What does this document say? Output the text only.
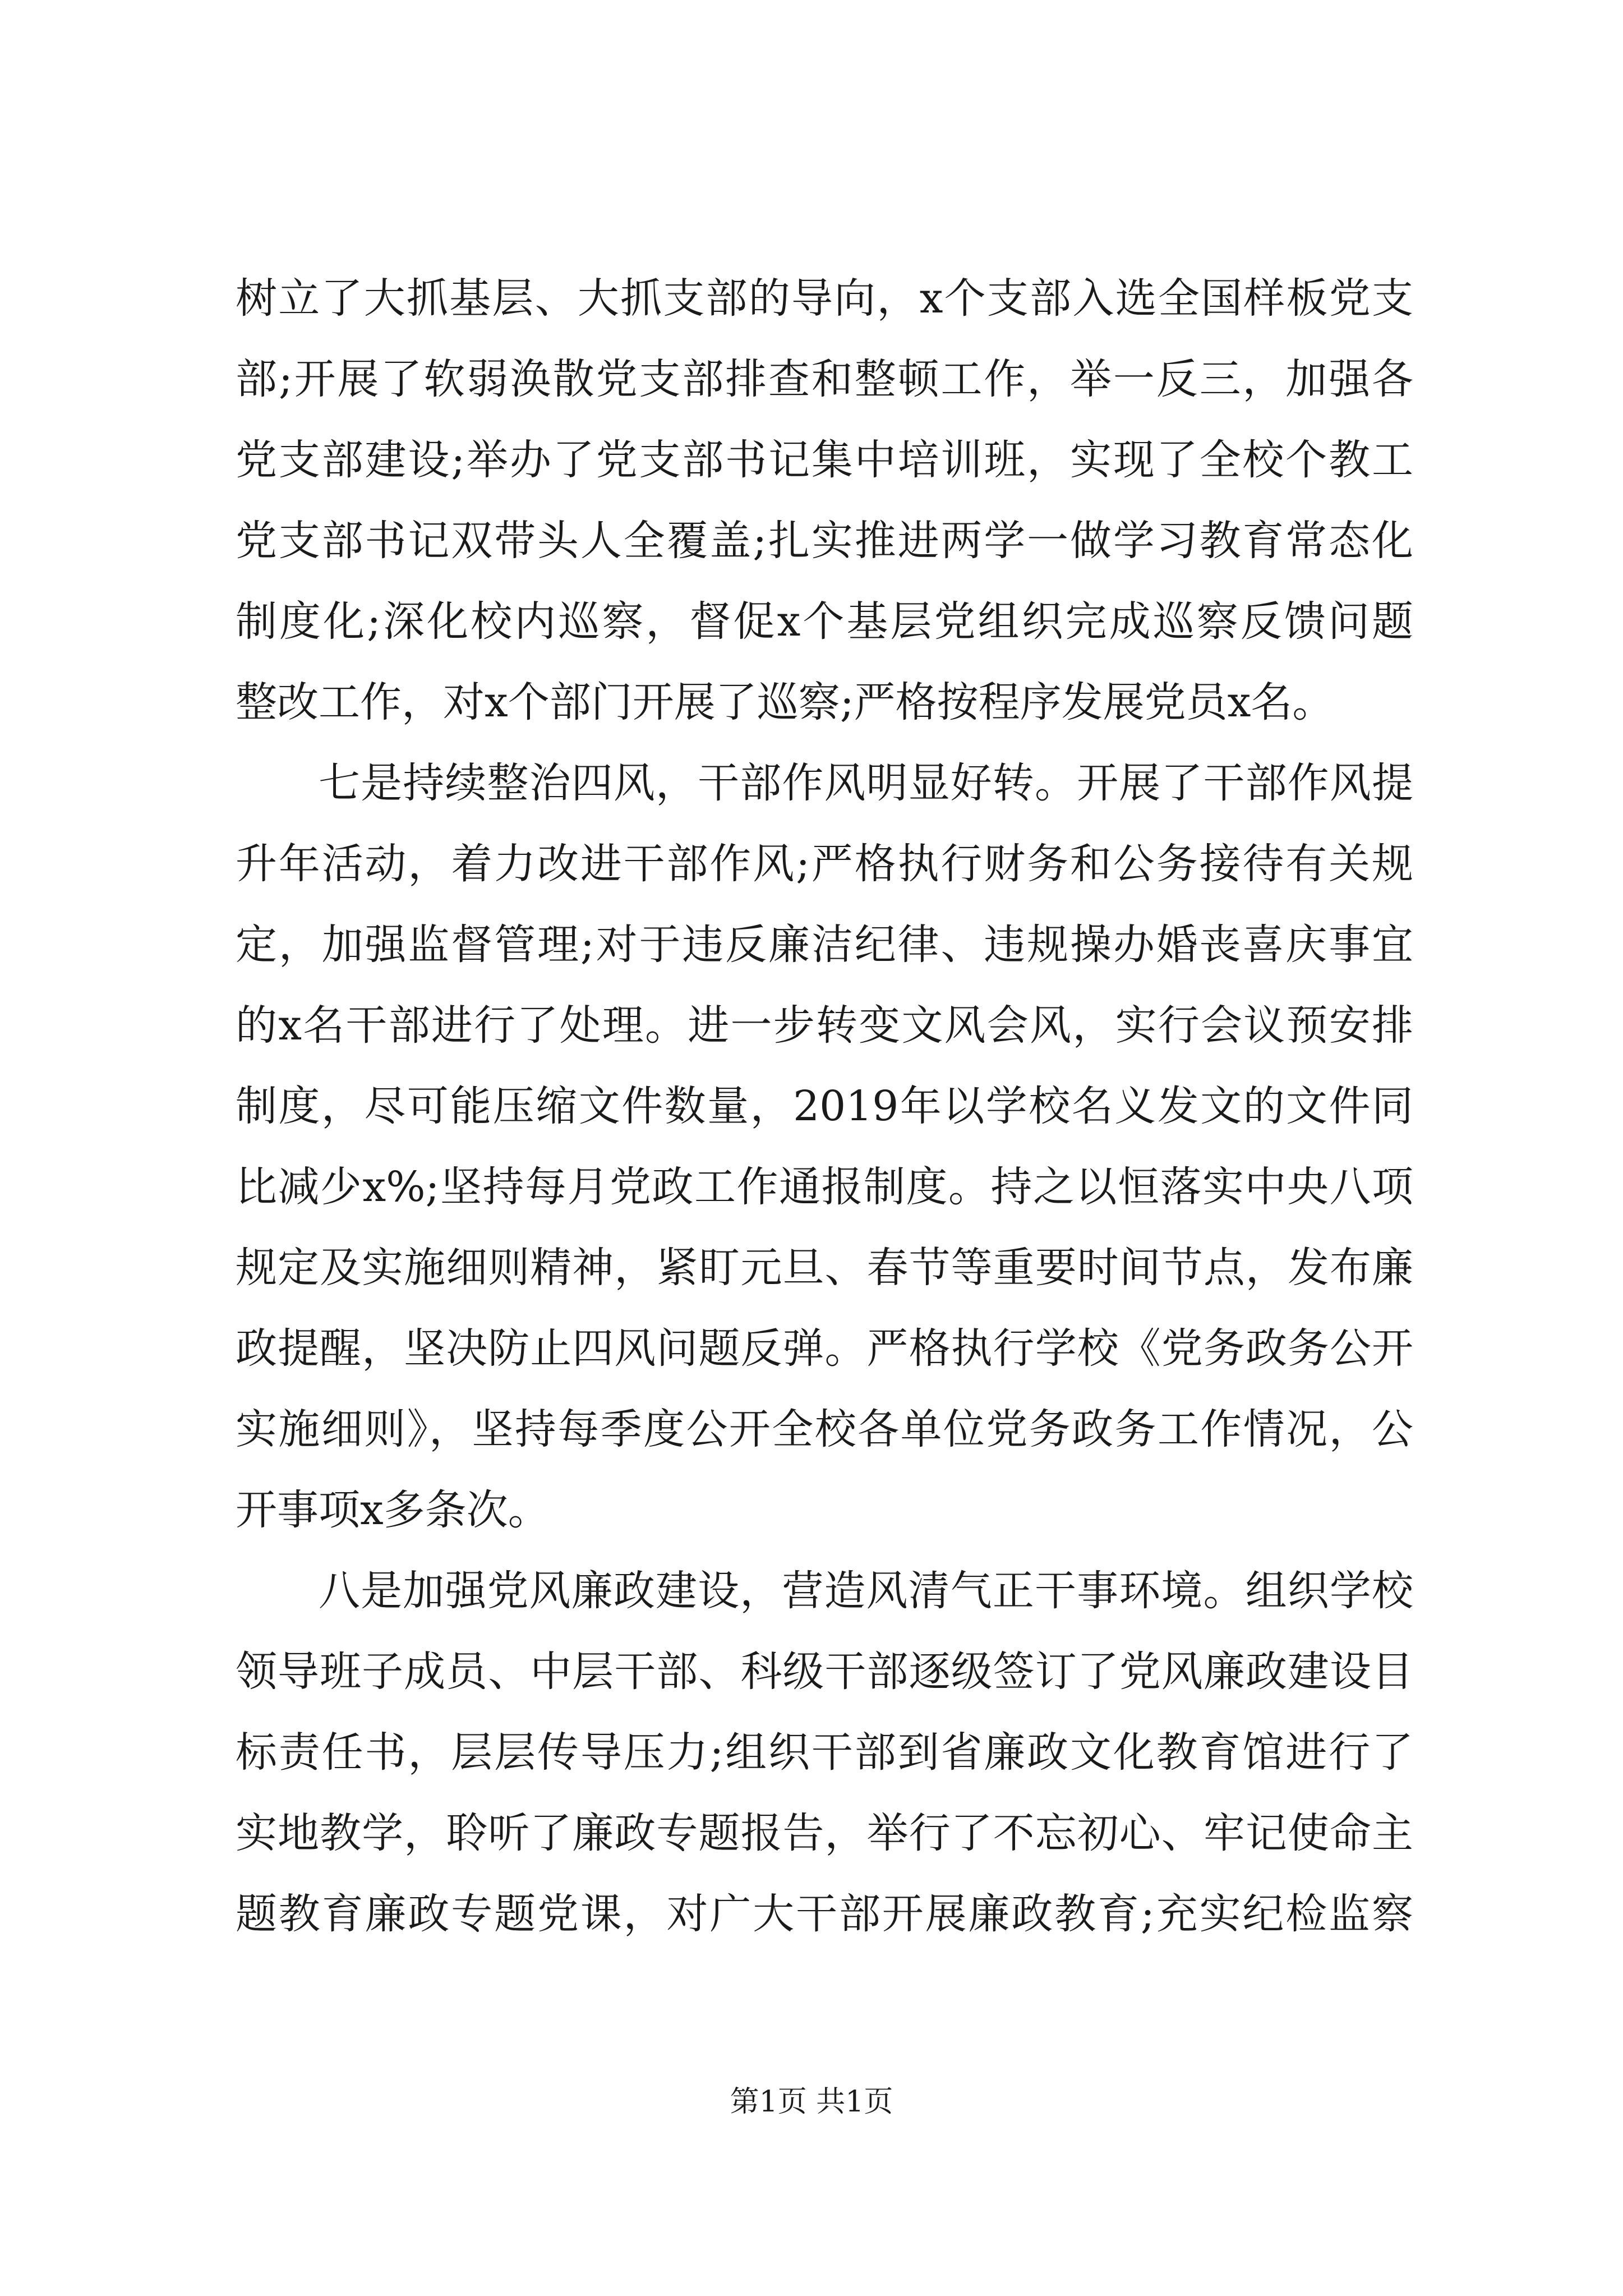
树立了大抓基层、大抓支部的导向，x个支部入选全国样板党支
部;开展了软弱涣散党支部排查和整顿工作，举一反三，加强各
党支部建设;举办了党支部书记集中培训班，实现了全校个教工
党支部书记双带头人全覆盖;扎实推进两学一做学习教育常态化
制度化;深化校内巡察，督促x个基层党组织完成巡察反馈问题
整改工作，对x个部门开展了巡察;严格按程序发展党员x名。
七是持续整治四风，干部作风明显好转。开展了干部作风提
升年活动，着力改进干部作风;严格执行财务和公务接待有关规
定，加强监督管理;对于违反廉洁纪律、违规操办婚丧喜庆事宜
的x名干部进行了处理。进一步转变文风会风，实行会议预安排
制度，尽可能压缩文件数量，2019年以学校名义发文的文件同
比减少x%;坚持每月党政工作通报制度。持之以恒落实中央八项
规定及实施细则精神，紧盯元旦、春节等重要时间节点，发布廉
政提醒，坚决防止四风问题反弹。严格执行学校《党务政务公开
实施细则》，坚持每季度公开全校各单位党务政务工作情况，公
开事项x多条次。
八是加强党风廉政建设，营造风清气正干事环境。组织学校
领导班子成员、中层干部、科级干部逐级签订了党风廉政建设目
标责任书，层层传导压力;组织干部到省廉政文化教育馆进行了
实地教学，聆听了廉政专题报告，举行了不忘初心、牢记使命主
题教育廉政专题党课，对广大干部开展廉政教育;充实纪检监察
第1页 共1页
